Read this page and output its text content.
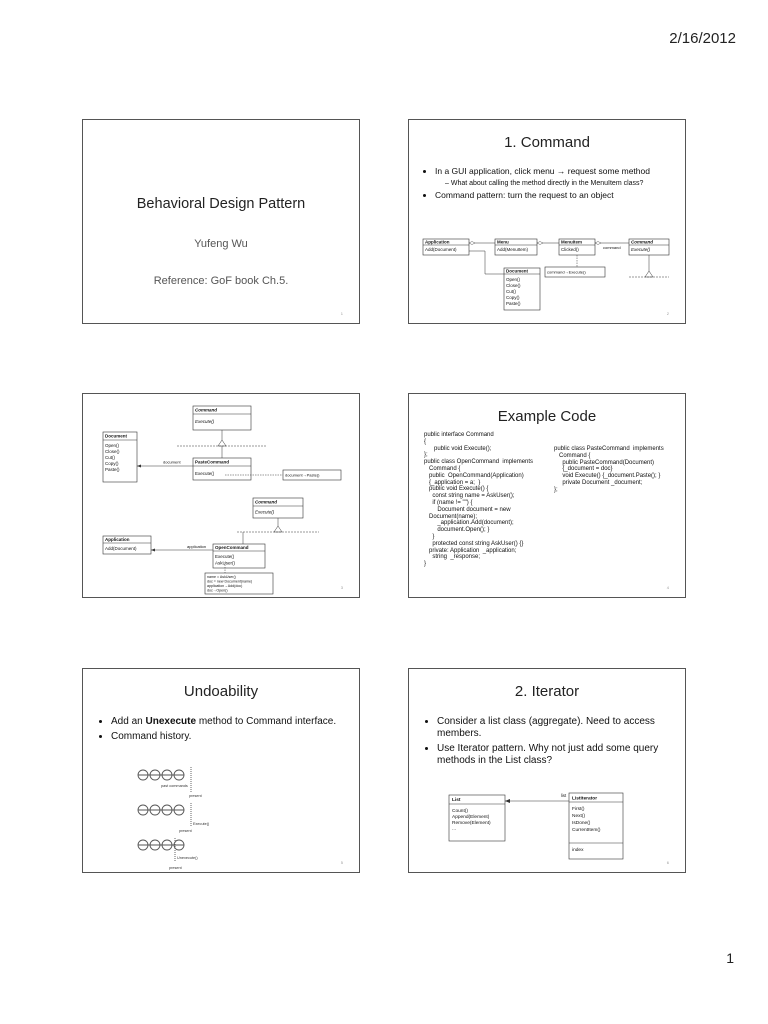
2/16/2012
Behavioral Design Pattern
Yufeng Wu
Reference: GoF book Ch.5.
1
1. Command
• In a GUI application, click menu → request some method
– What about calling the method directly in the MenuItem class?
• Command pattern: turn the request to an object
Application
Add(Document)
Menu
Add(MenuItem)
MenuItem
Clicked()
Command
Execute()
command
Document
Open()
Close()
Cut()
Copy()
Paste()
command→Execute()
2
Command
Execute()
Document
Open()
Close()
Cut()
Copy()
Paste()
PasteCommand
Execute()
document
document→Paste()
Command
Execute()
Application
Add(Document)	OpenCommand
Execute()
AskUser()
application
name = AskUser()
doc = new Document(name)
application→Add(doc)
doc→Open()
3
Example Code
public interface Command
{
public void Execute();
};
public class OpenCommand  implements
Command {
public  OpenCommand(Application)
{_application = a;  }
public void Execute() {
const string name = AskUser();
if (name != "") {
Document document = new
Document(name);
_application.Add(document);
document.Open(); }
}
protected const string AskUser() {}
private: Application  _application;
string  _response;
}
public class PasteCommand  implements
Command {
public PasteCommand(Document)
{_document = doc}
void Execute() {_document.Paste(); }
private Document _document;
};
4
Undoability
• Add an Unexecute method to Command interface.
• Command history.
past commands
present
Execute()
present
Unexecute()
present
5
2. Iterator
• Consider a list class (aggregate). Need to access members.
• Use Iterator pattern. Why not just add some query methods in the List class?
List
Count()
Append(Element)
Remove(Element)
...
list
ListIterator
First()
Next()
IsDone()
CurrentItem()
index
6
1
